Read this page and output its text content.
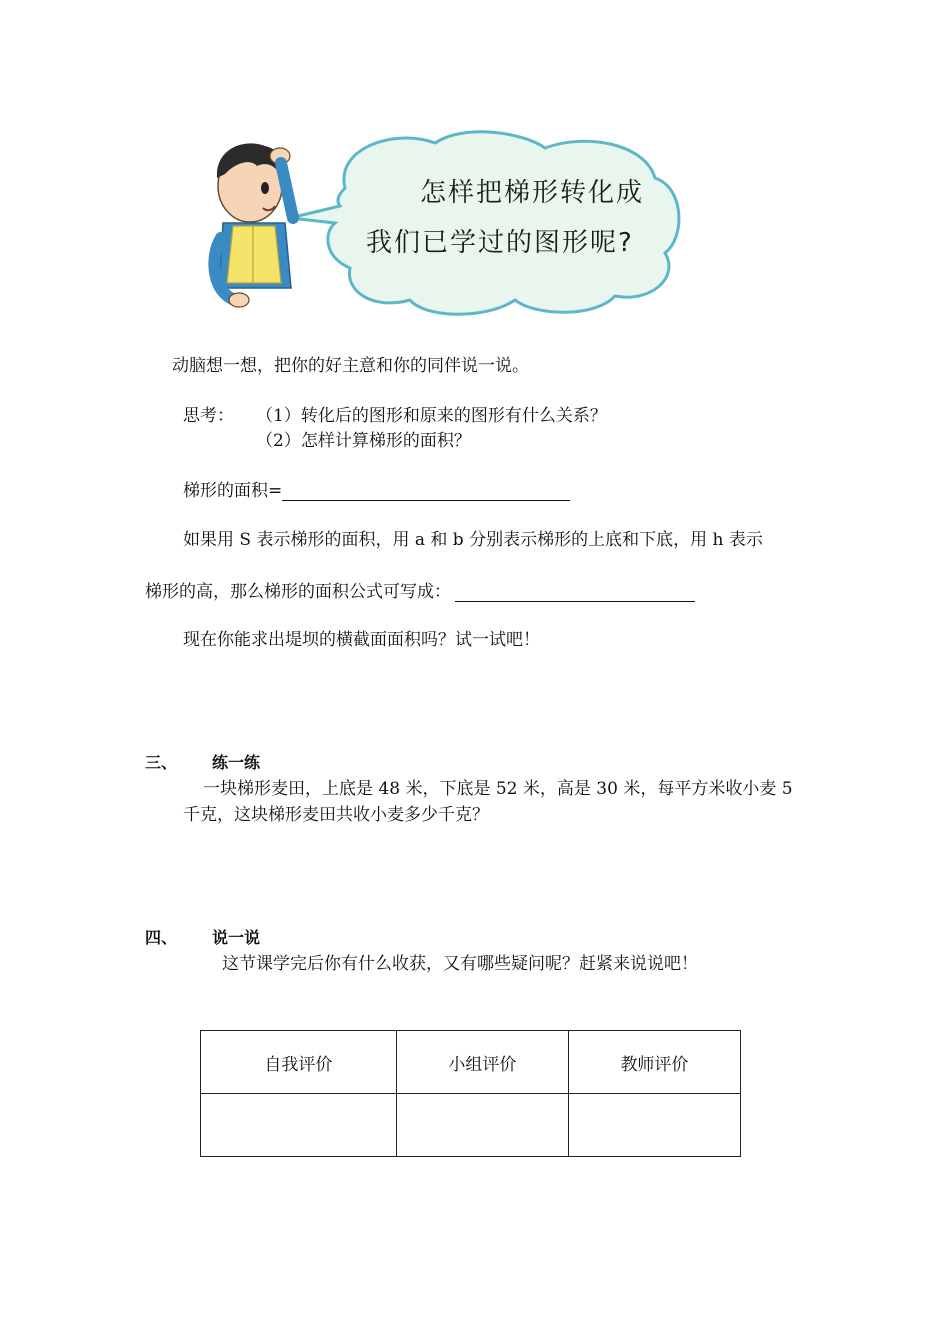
怎样把梯形转化成
我们已学过的图形呢?
动脑想一想，把你的好主意和你的同伴说一说。
思考： （1）转化后的图形和原来的图形有什么关系？
（2）怎样计算梯形的面积？
梯形的面积=
如果用 S 表示梯形的面积，用 a 和 b 分别表示梯形的上底和下底，用 h 表示
梯形的高，那么梯形的面积公式可写成：
现在你能求出堤坝的横截面面积吗？试一试吧！
三、 练一练
一块梯形麦田，上底是 48 米，下底是 52 米，高是 30 米，每平方米收小麦 5
千克，这块梯形麦田共收小麦多少千克？
四、 说一说
这节课学完后你有什么收获，又有哪些疑问呢？赶紧来说说吧！
自我评价	小组评价	教师评价
